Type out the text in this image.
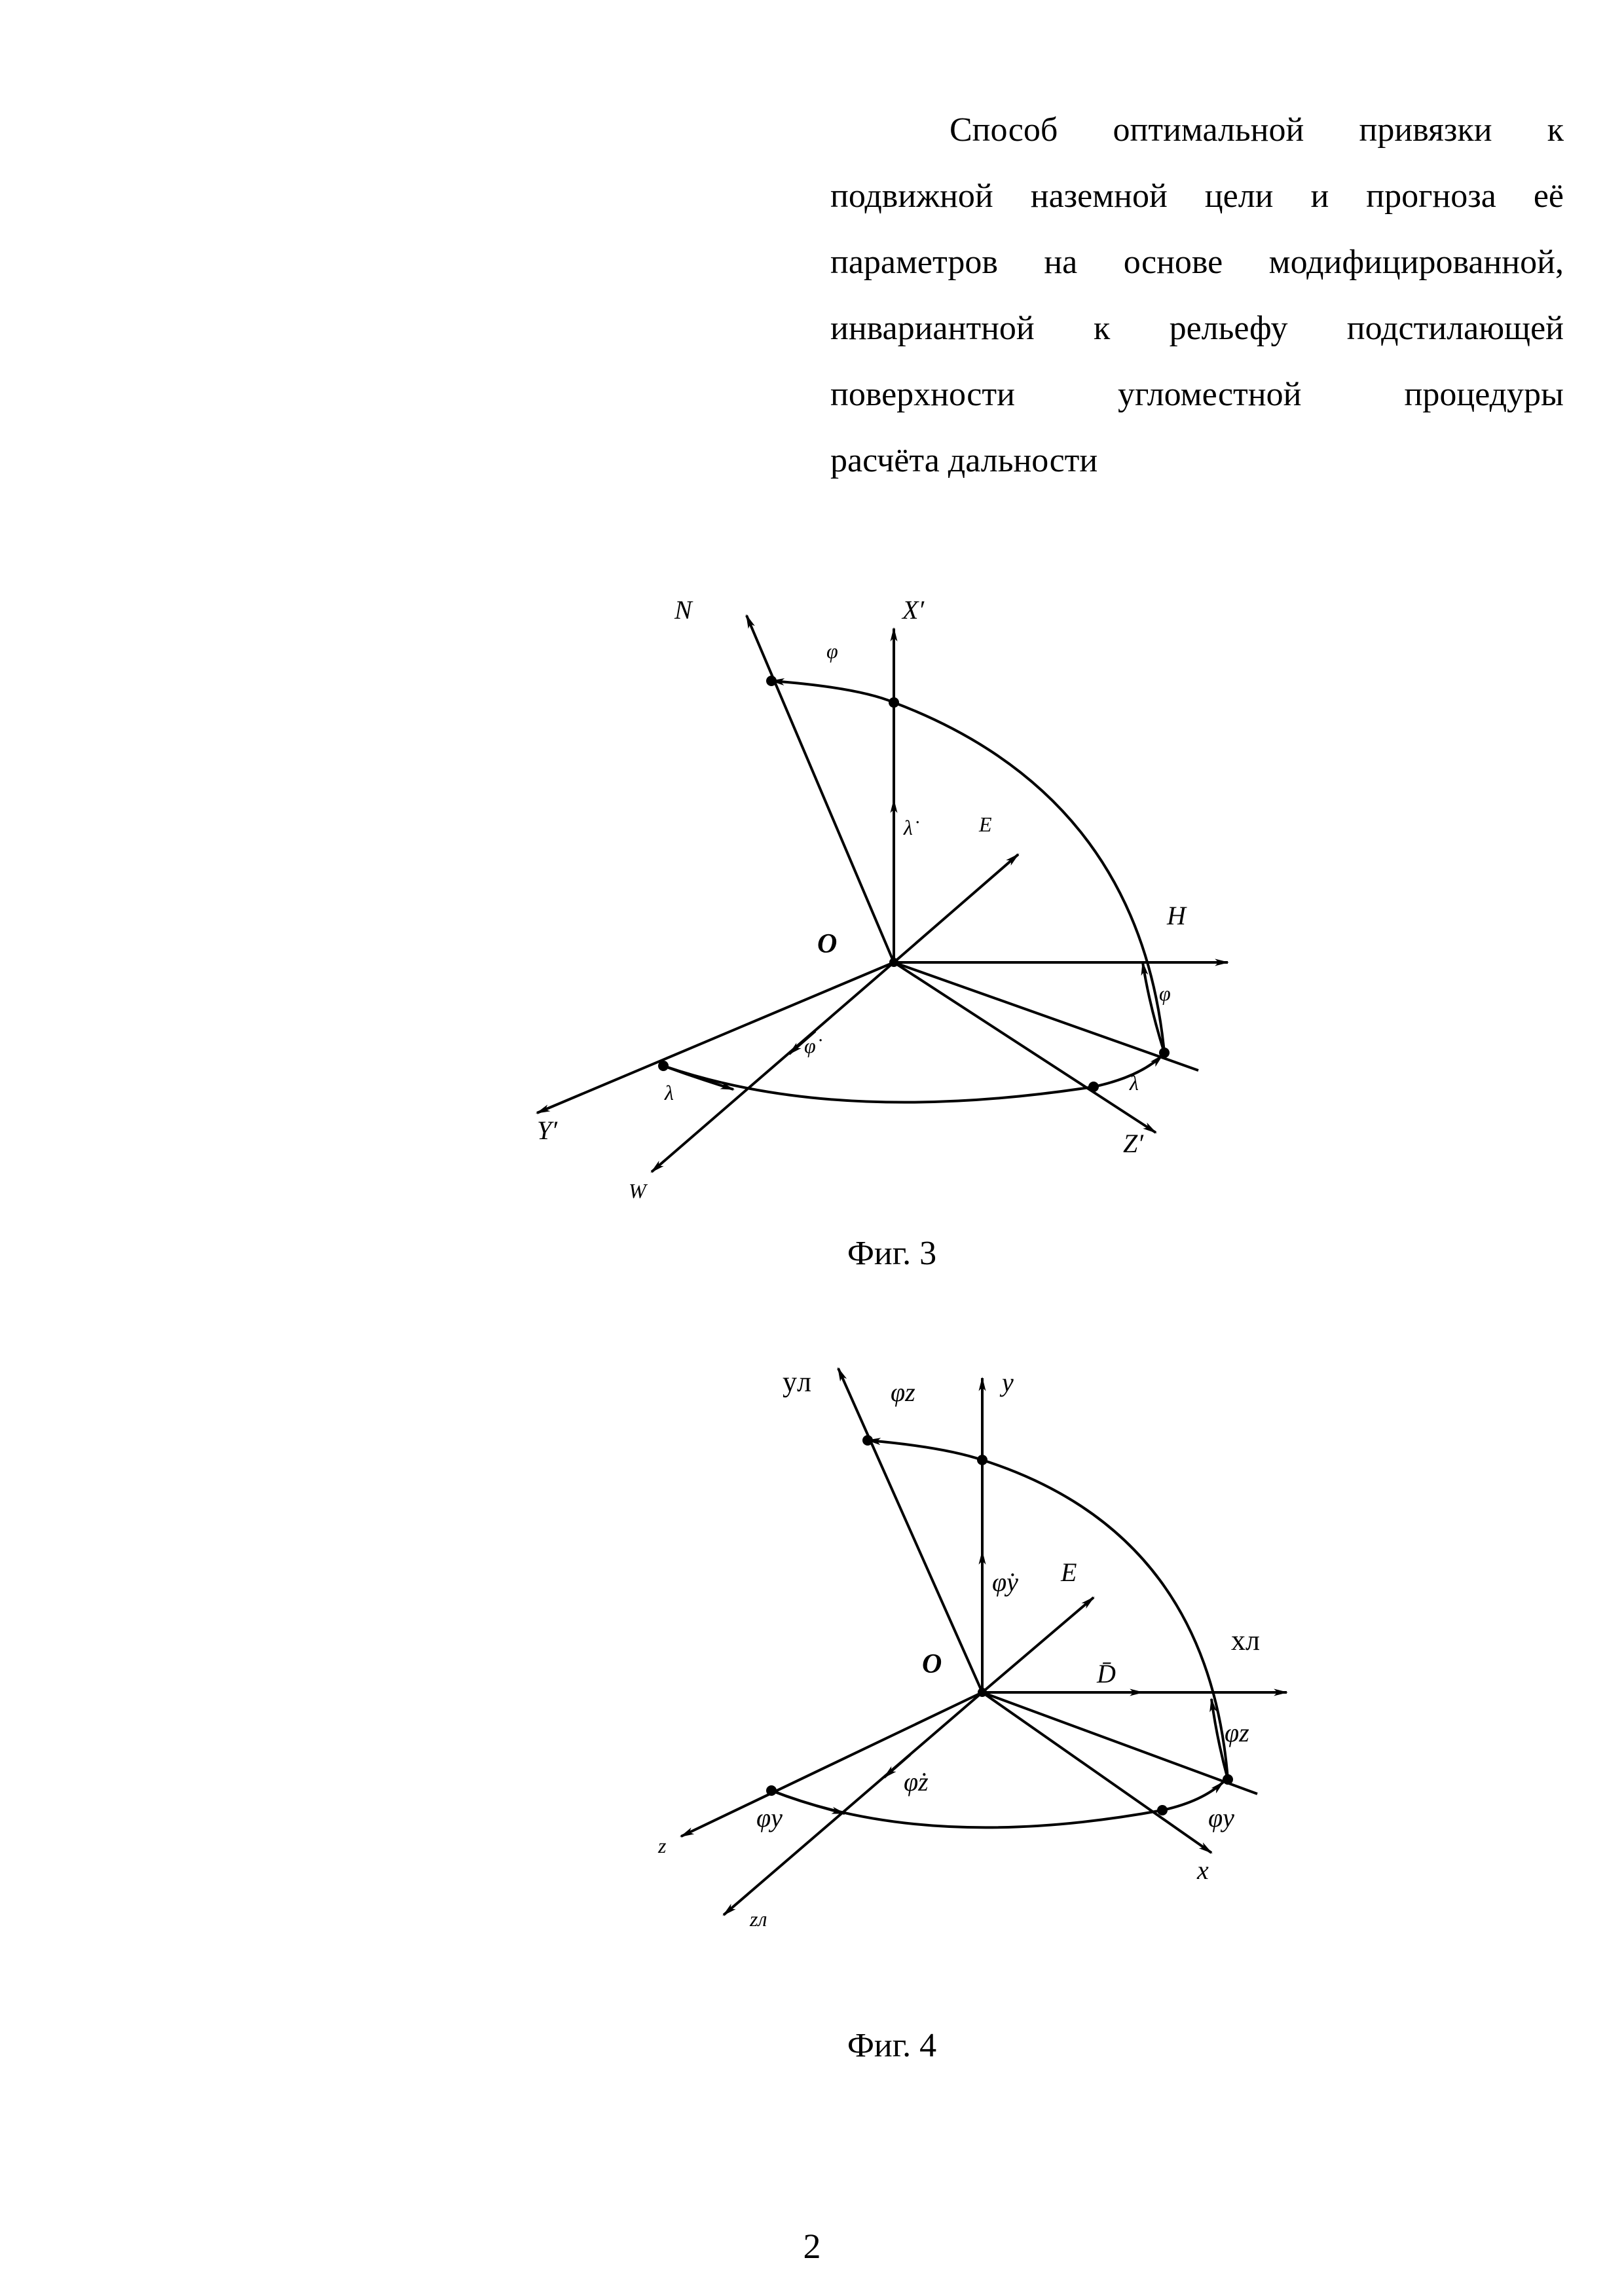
Способ оптимальной привязки к
подвижной наземной цели и прогноза её
параметров на основе модифицированной,
инвариантной к рельефу подстилающей
поверхности	угломестной	процедуры
расчёта
дальности
N	X′
φ
λ̇	E
H
O
φ
φ̇
λ	λ
Y′	Z′
W
yл	φz	y
φ̇y E
xл
O	D̄
φz
φ̇z
φy	φy
z
x
zл
Фиг. 3
Фиг. 4
2
